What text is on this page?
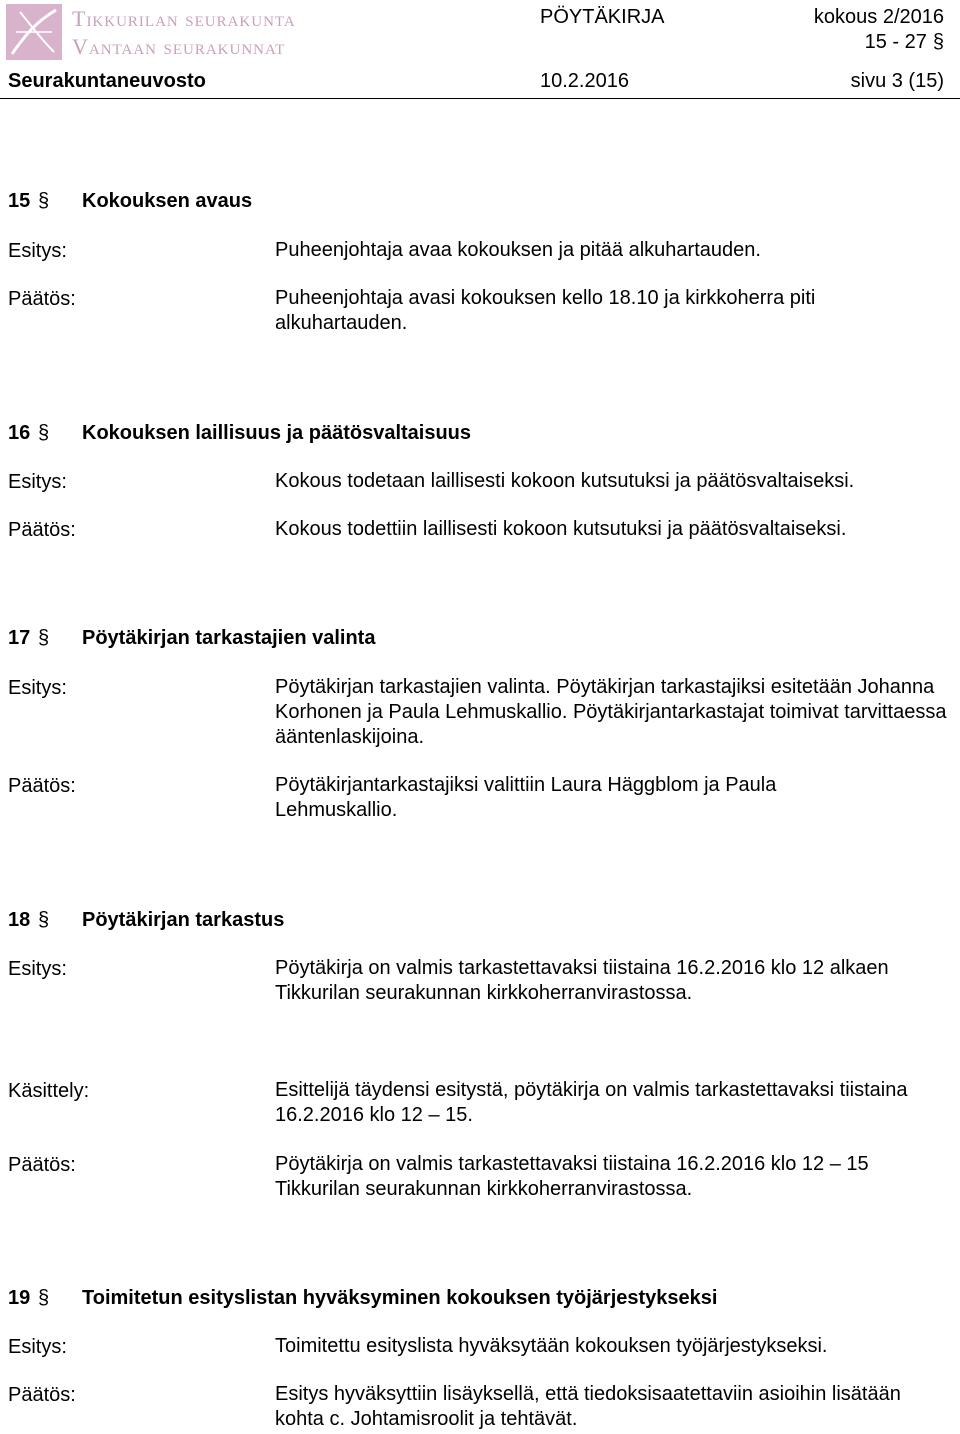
Tikkurilan seurakunta
Vantaan seurakunnat
PÖYTÄKIRJA	kokous 2/2016
15 - 27 §
Seurakuntaneuvosto	10.2.2016	sivu 3 (15)
15 § Kokouksen avaus
Esitys:	Puheenjohtaja avaa kokouksen ja pitää alkuhartauden.
Päätös:	Puheenjohtaja avasi kokouksen kello 18.10 ja kirkkoherra piti alkuhartauden.
16 § Kokouksen laillisuus ja päätösvaltaisuus
Esitys:	Kokous todetaan laillisesti kokoon kutsutuksi ja päätösvaltaiseksi.
Päätös:	Kokous todettiin laillisesti kokoon kutsutuksi ja päätösvaltaiseksi.
17 § Pöytäkirjan tarkastajien valinta
Esitys:	Pöytäkirjan tarkastajien valinta. Pöytäkirjan tarkastajiksi esitetään Johanna Korhonen ja Paula Lehmuskallio. Pöytäkirjantarkastajat toimivat tarvittaessa ääntenlaskijoina.
Päätös:	Pöytäkirjantarkastajiksi valittiin Laura Häggblom ja Paula Lehmuskallio.
18 § Pöytäkirjan tarkastus
Esitys:	Pöytäkirja on valmis tarkastettavaksi tiistaina 16.2.2016 klo 12 alkaen Tikkurilan seurakunnan kirkkoherranvirastossa.
Käsittely:	Esittelijä täydensi esitystä, pöytäkirja on valmis tarkastettavaksi tiistaina 16.2.2016 klo 12 – 15.
Päätös:	Pöytäkirja on valmis tarkastettavaksi tiistaina 16.2.2016 klo 12 – 15 Tikkurilan seurakunnan kirkkoherranvirastossa.
19 § Toimitetun esityslistan hyväksyminen kokouksen työjärjestykseksi
Esitys:	Toimitettu esityslista hyväksytään kokouksen työjärjestykseksi.
Päätös:	Esitys hyväksyttiin lisäyksellä, että tiedoksisaatettaviin asioihin lisätään kohta c. Johtamisroolit ja tehtävät.
